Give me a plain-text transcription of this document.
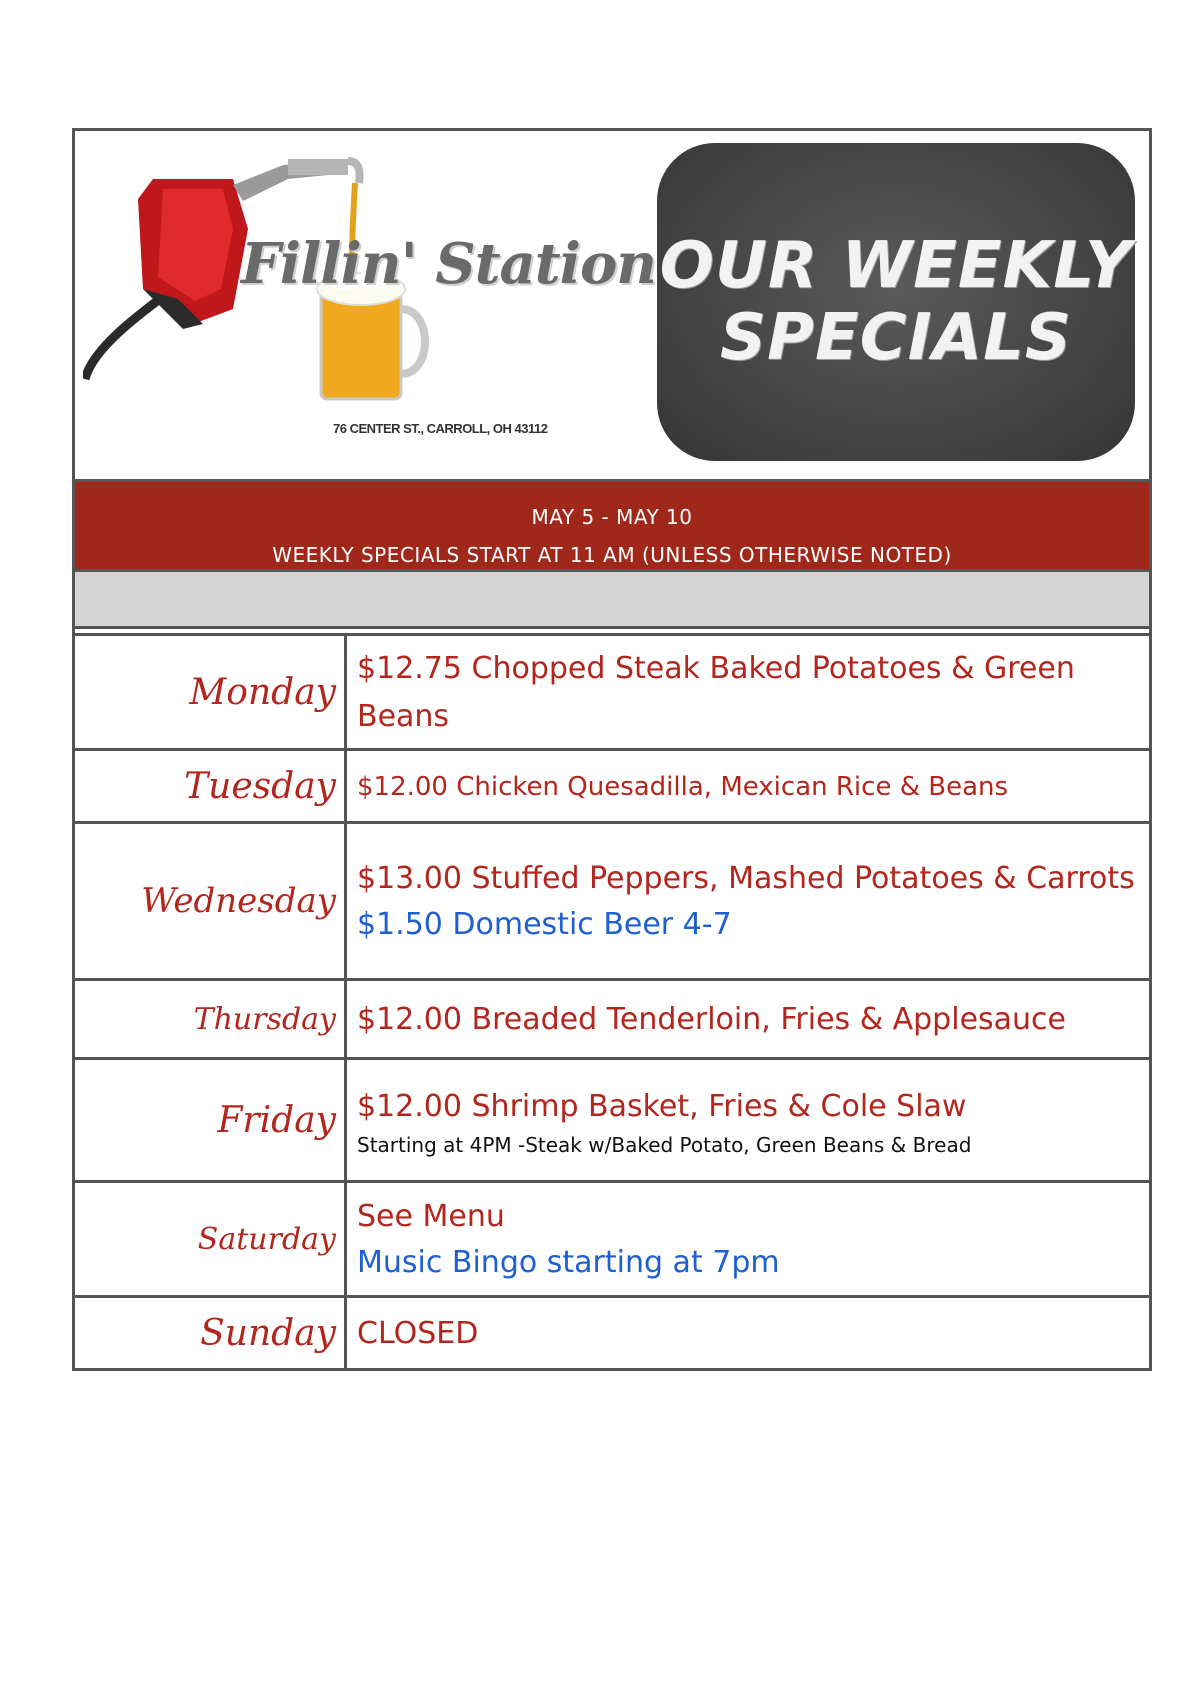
Fillin' Station
76 CENTER ST., CARROLL, OH 43112
OUR WEEKLY
SPECIALS
MAY 5 - MAY 10
WEEKLY SPECIALS START AT 11 AM (UNLESS OTHERWISE NOTED)
Monday
$12.75 Chopped Steak Baked Potatoes & Green Beans
Tuesday $12.00 Chicken Quesadilla, Mexican Rice & Beans
Wednesday
$13.00 Stuffed Peppers, Mashed Potatoes & Carrots
$1.50 Domestic Beer 4-7
Thursday $12.00 Breaded Tenderloin, Fries & Applesauce
Friday $12.00 Shrimp Basket, Fries & Cole Slaw
Starting at 4PM -Steak w/Baked Potato, Green Beans & Bread
Saturday
See Menu
Music Bingo starting at 7pm
Sunday CLOSED
